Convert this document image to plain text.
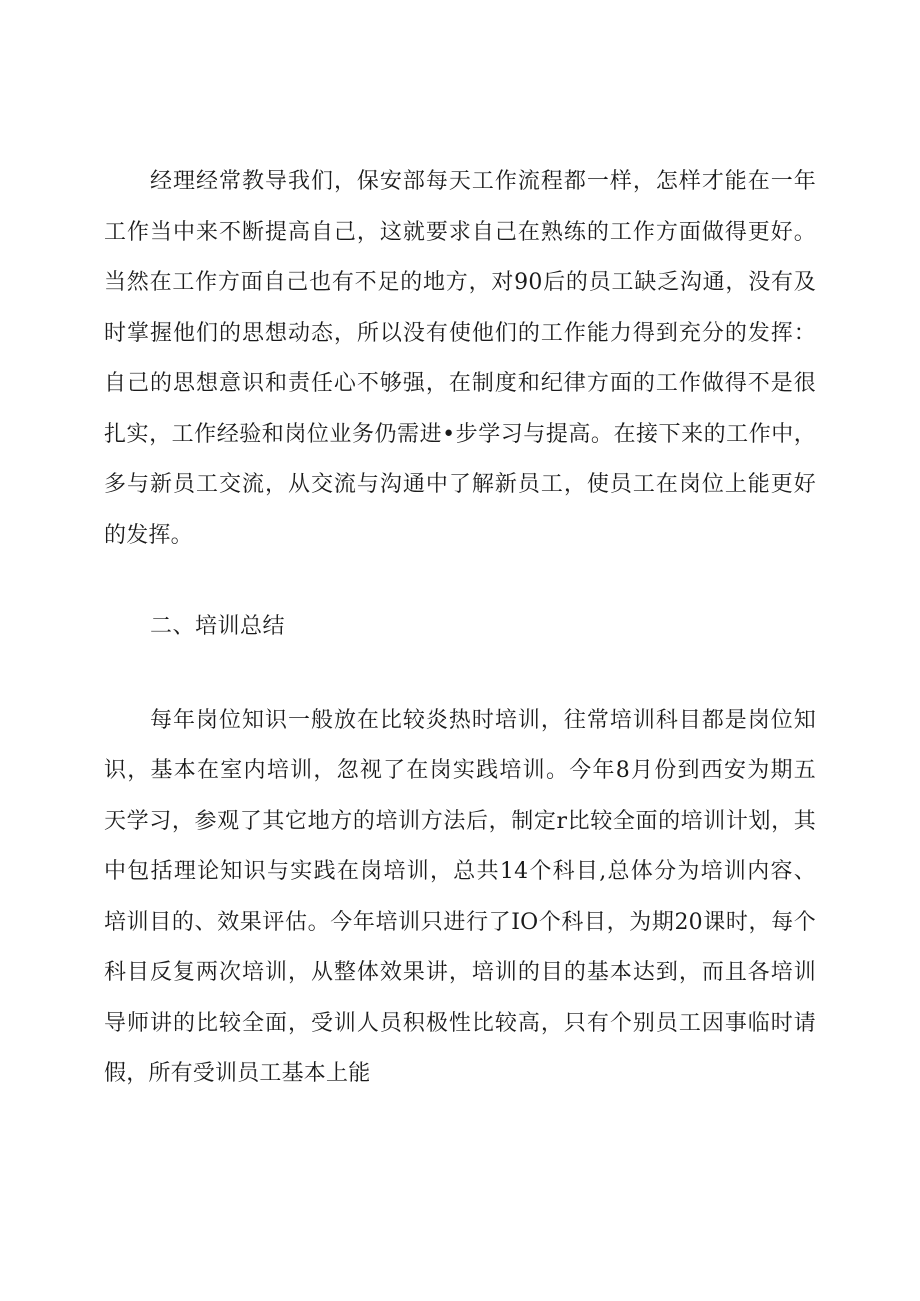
经理经常教导我们，保安部每天工作流程都一样，怎样才能在一年
工作当中来不断提高自己，这就要求自己在熟练的工作方面做得更好。
当然在工作方面自己也有不足的地方，对90后的员工缺乏沟通，没有及
时掌握他们的思想动态，所以没有使他们的工作能力得到充分的发挥：
自己的思想意识和责任心不够强，在制度和纪律方面的工作做得不是很
扎实，工作经验和岗位业务仍需进•步学习与提高。在接下来的工作中，
多与新员工交流，从交流与沟通中了解新员工，使员工在岗位上能更好
的发挥。
二、培训总结
每年岗位知识一般放在比较炎热时培训，往常培训科目都是岗位知
识，基本在室内培训，忽视了在岗实践培训。今年8月份到西安为期五
天学习，参观了其它地方的培训方法后，制定r比较全面的培训计划，其
中包括理论知识与实践在岗培训，总共14个科目,总体分为培训内容、
培训目的、效果评估。今年培训只进行了IO个科目，为期20课时，每个
科目反复两次培训，从整体效果讲，培训的目的基本达到，而且各培训
导师讲的比较全面，受训人员积极性比较高，只有个别员工因事临时请
假，所有受训员工基本上能
